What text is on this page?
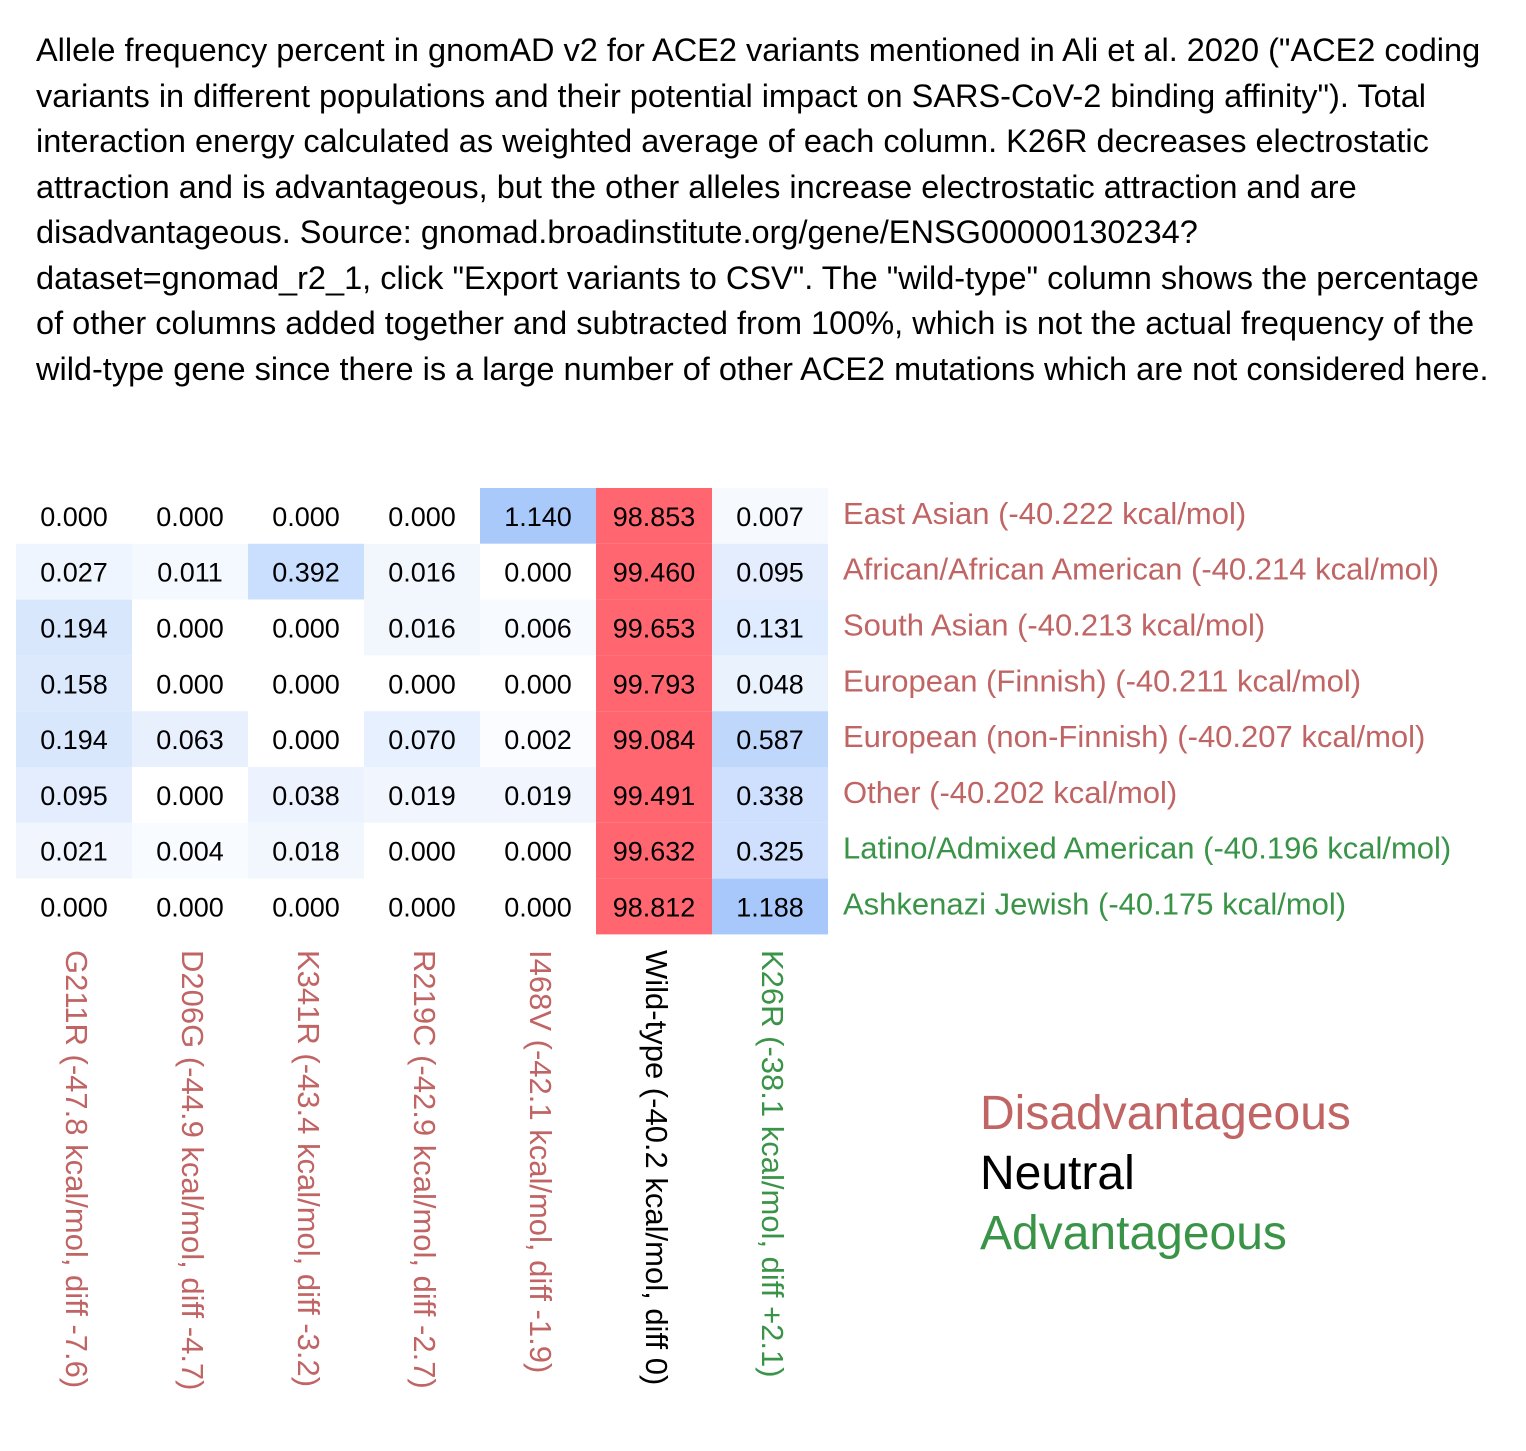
Allele frequency percent in gnomAD v2 for ACE2 variants mentioned in Ali et al. 2020 ("ACE2 coding variants in different populations and their potential impact on SARS-CoV-2 binding affinity"). Total interaction energy calculated as weighted average of each column. K26R decreases electrostatic attraction and is advantageous, but the other alleles increase electrostatic attraction and are disadvantageous. Source: gnomad.broadinstitute.org/gene/ENSG00000130234?dataset=gnomad_r2_1, click "Export variants to CSV". The "wild-type" column shows the percentage of other columns added together and subtracted from 100%, which is not the actual frequency of the wild-type gene since there is a large number of other ACE2 mutations which are not considered here.

0.000 0.000 0.000 0.000 1.140 98.853 0.007 East Asian (-40.222 kcal/mol)
0.027 0.011 0.392 0.016 0.000 99.460 0.095 African/African American (-40.214 kcal/mol)
0.194 0.000 0.000 0.016 0.006 99.653 0.131 South Asian (-40.213 kcal/mol)
0.158 0.000 0.000 0.000 0.000 99.793 0.048 European (Finnish) (-40.211 kcal/mol)
0.194 0.063 0.000 0.070 0.002 99.084 0.587 European (non-Finnish) (-40.207 kcal/mol)
0.095 0.000 0.038 0.019 0.019 99.491 0.338 Other (-40.202 kcal/mol)
0.021 0.004 0.018 0.000 0.000 99.632 0.325 Latino/Admixed American (-40.196 kcal/mol)
0.000 0.000 0.000 0.000 0.000 98.812 1.188 Ashkenazi Jewish (-40.175 kcal/mol)
G211R (-47.8 kcal/mol, diff -7.6)	D206G (-44.9 kcal/mol, diff -4.7)	K341R (-43.4 kcal/mol, diff -3.2)	R219C (-42.9 kcal/mol, diff -2.7)	I468V (-42.1 kcal/mol, diff -1.9)	Wild-type (-40.2 kcal/mol, diff 0)	K26R (-38.1 kcal/mol, diff +2.1)	Disadvantageous
Neutral
Advantageous
